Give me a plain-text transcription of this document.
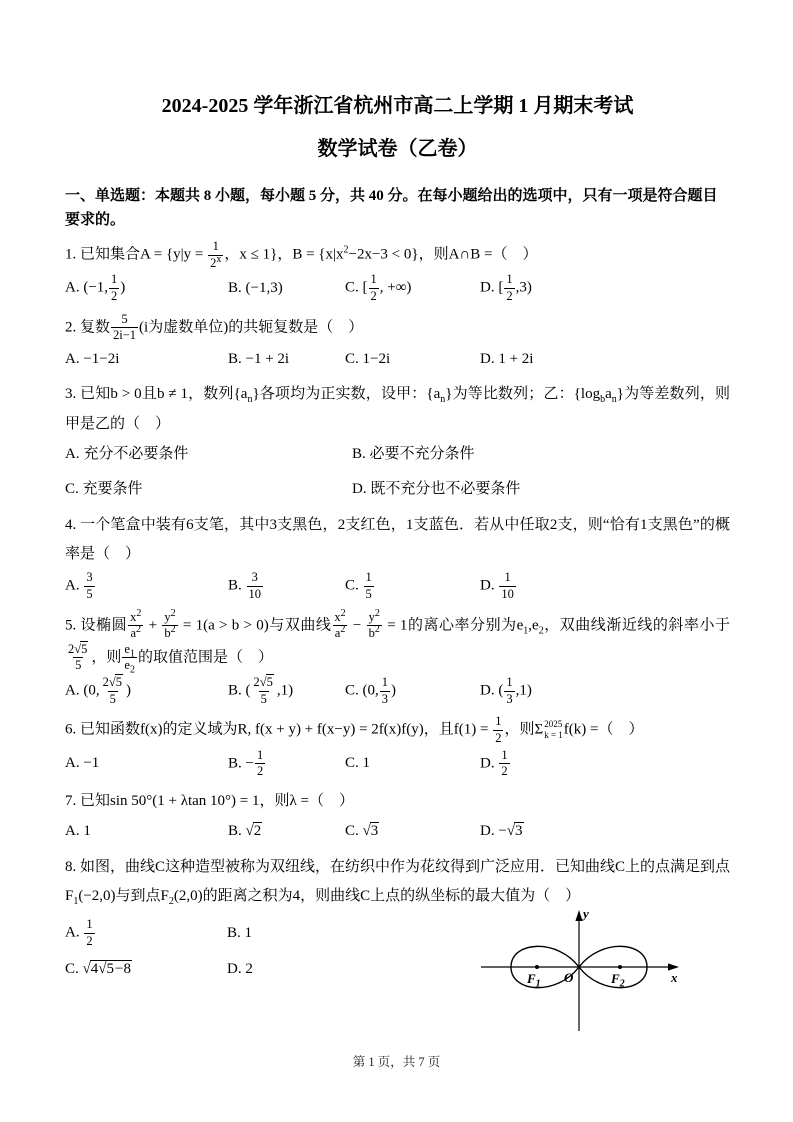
2024-2025 学年浙江省杭州市高二上学期 1 月期末考试
数学试卷（乙卷）
一、单选题：本题共 8 小题，每小题 5 分，共 40 分。在每小题给出的选项中，只有一项是符合题目要求的。

1. 已知集合$A = \{y|y = \frac{1}{2^x}$ ，x ≤ 1}，$B = \{x|x^2-2x-3 < 0\}$，则A∩B =（　）

A. (−1, $\frac{1}{2}$ )	B. (−1,3)	C. [ $\frac{1}{2}$ , +∞)	D. [ $\frac{1}{2} ,3$)

2. 复数 $\frac{5}{2i-1} (i$为虚数单位)的共轭复数是（　）

A. −1−2i	B. −1 + 2i	C. 1−2i	D. 1 + 2i

3. 已知b > 0且b ≠ 1，数列$\{a_n\}$各项均为正实数，设甲：$\{a_n\}$为等比数列；乙：$\{\log_ba_n\}$为等差数列，则甲是乙的（　）

A. 充分不必要条件	B. 必要不充分条件
C. 充要条件	D. 既不充分也不必要条件

4. 一个笔盒中装有6支笔，其中3支黑色，2支红色，1支蓝色．若从中任取2支，则“恰有1支黑色”的概率是（　）

A. $\frac{3}{5}$	B. $\frac{3}{10}$	C. $\frac{1}{5}$	D. $\frac{1}{10}$

5. 设椭圆 $\frac{x^2}{a^2} + \frac{y^2}{b^2} = 1(a > b > 0)$与双曲线 $\frac{x^2}{a^2} - \frac{y^2}{b^2} = 1$的离心率分别为$e_1,e_2$，双曲线渐近线的斜率小于
$\frac{2√5}{5}$ ，则 $\frac{e_1}{e_2}$ 的取值范围是（　）

A. (0, $\frac{2√5}{5}$ )	B. ( $\frac{2√5}{5} ,1$)	C. (0, $\frac{1}{3}$ )	D. ( $\frac{1}{3} ,1$)

6. 已知函数f(x)的定义域为R, f(x + y) + f(x−y) = 2f(x)f(y)，且$f(1) = \frac{1}{2}$ ，则Σ 2025
k = 1 f(k) =（　）

A. −1	B. − $\frac{1}{2}$	C. 1	D. $\frac{1}{2}$

7. 已知sin 50°(1 + λtan 10°) = 1，则λ =（　）

A. 1	B. √2	C. √3	D. −√3

8. 如图，曲线C这种造型被称为双纽线，在纺织中作为花纹得到广泛应用．已知曲线C上的点满足到点$F_1(-2,0)$与到点$F_2(2,0)$的距离之积为4，则曲线C上点的纵坐标的最大值为（　）

A. $\frac{1}{2}$	B. 1
C. √4√5−8	D. 2
y
x
O
$F_1$	$F_2$
第 1 页，共 7 页
